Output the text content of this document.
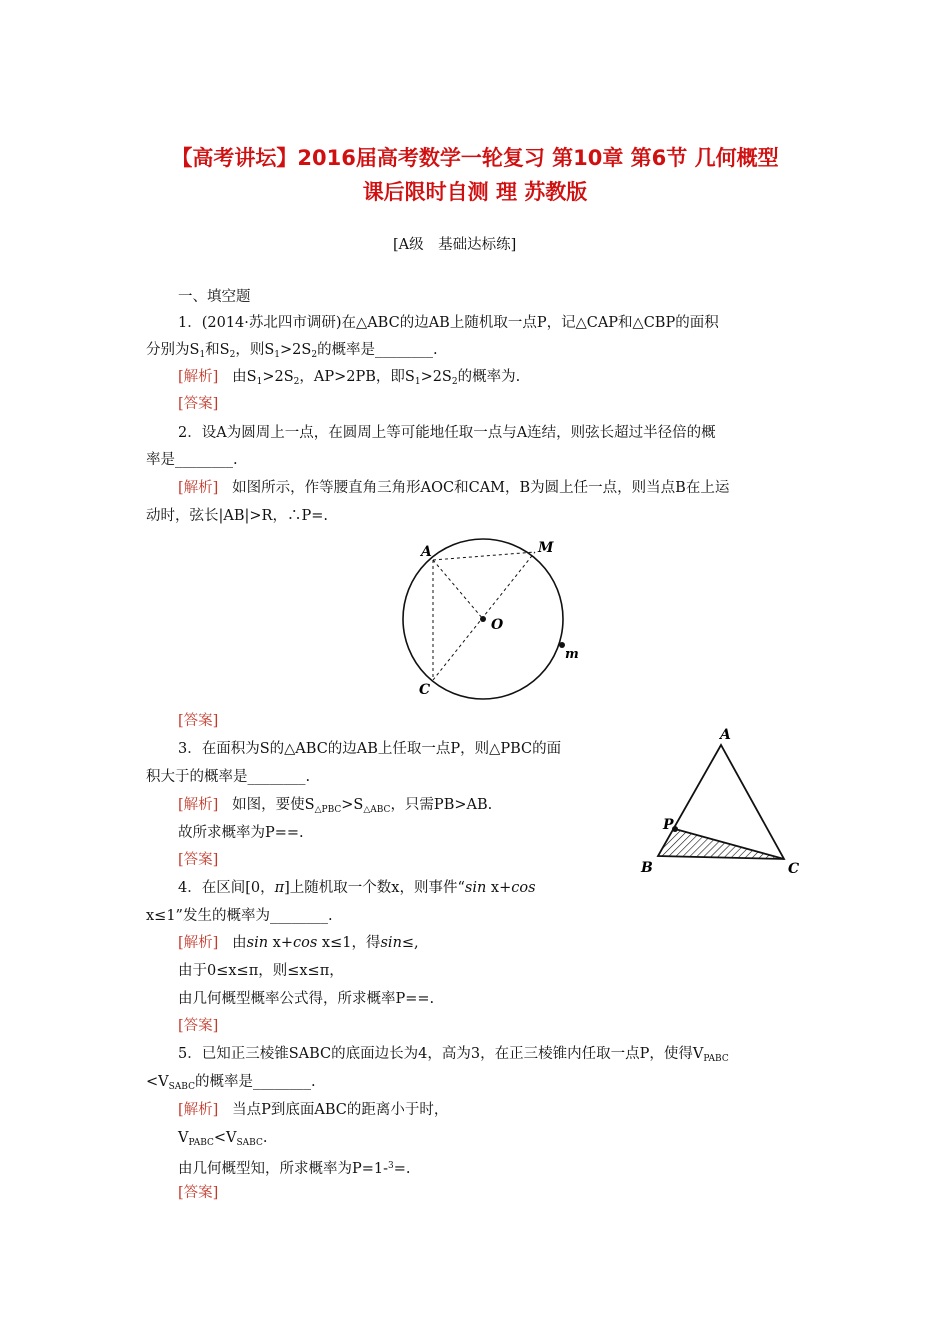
【高考讲坛】2016届高考数学一轮复习 第10章 第6节 几何概型
课后限时自测 理 苏教版
[A级　基础达标练]
一、填空题
1．(2014·苏北四市调研)在△ABC的边AB上随机取一点P，记△CAP和△CBP的面积
分别为$S_1$和$S_2$，则$S_1>2S_2$的概率是________.
[解析] 由$S_1>2S_2$，AP>2PB，即$S_1>2S_2$的概率为.
[答案]
2．设A为圆周上一点，在圆周上等可能地任取一点与A连结，则弦长超过半径倍的概
率是________.
[解析] 如图所示，作等腰直角三角形AOC和CAM，B为圆上任一点，则当点B在上运
动时，弦长|AB|>R，∴P=.
A	M
O
C
m
[答案]
3．在面积为S的△ABC的边AB上任取一点P，则△PBC的面
积大于的概率是________.
[解析] 如图，要使$S_{\triangle PBC}>S_{\triangle ABC}$，只需PB>AB.
故所求概率为P==.
[答案]
A
P
B	C
4．在区间[0，π]上随机取一个数x，则事件“sin x+cos
x≤1”发生的概率为________.
[解析] 由sin x+cos x≤1，得sin≤,
由于0≤x≤π，则≤x≤π，
由几何概型概率公式得，所求概率P==.
[答案]
5．已知正三棱锥SABC的底面边长为4，高为3，在正三棱锥内任取一点P，使得$V_{PABC}$
$<V_{SABC}$的概率是________.
[解析] 当点P到底面ABC的距离小于时，
$V_{PABC}<V_{SABC}$.
由几何概型知，所求概率为P=1-$^3$=.
[答案]
